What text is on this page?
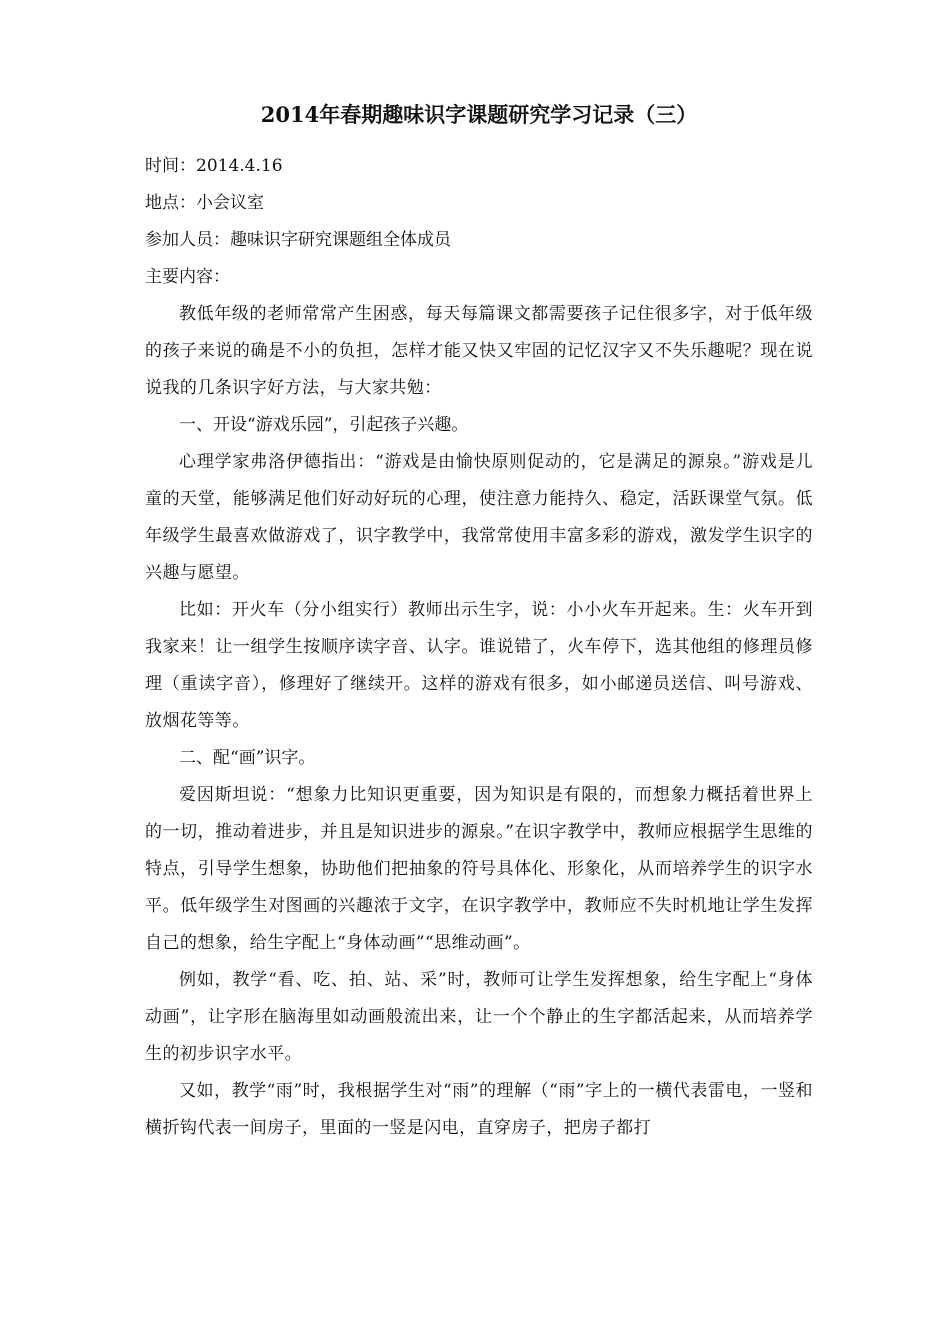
2014年春期趣味识字课题研究学习记录（三）
时间：2014.4.16
地点：小会议室
参加人员：趣味识字研究课题组全体成员
主要内容：

教低年级的老师常常产生困惑，每天每篇课文都需要孩子记住很多字，对于低年级的孩子来说的确是不小的负担，怎样才能又快又牢固的记忆汉字又不失乐趣呢？现在说说我的几条识字好方法，与大家共勉：

一、开设“游戏乐园”，引起孩子兴趣。

心理学家弗洛伊德指出：“游戏是由愉快原则促动的，它是满足的源泉。”游戏是儿童的天堂，能够满足他们好动好玩的心理，使注意力能持久、稳定，活跃课堂气氛。低年级学生最喜欢做游戏了，识字教学中，我常常使用丰富多彩的游戏，激发学生识字的兴趣与愿望。

比如：开火车（分小组实行）教师出示生字，说：小小火车开起来。生：火车开到我家来！让一组学生按顺序读字音、认字。谁说错了，火车停下，选其他组的修理员修理（重读字音），修理好了继续开。这样的游戏有很多，如小邮递员送信、叫号游戏、放烟花等等。

二、配“画”识字。

爱因斯坦说：“想象力比知识更重要，因为知识是有限的，而想象力概括着世界上的一切，推动着进步，并且是知识进步的源泉。”在识字教学中，教师应根据学生思维的特点，引导学生想象，协助他们把抽象的符号具体化、形象化，从而培养学生的识字水平。低年级学生对图画的兴趣浓于文字，在识字教学中，教师应不失时机地让学生发挥自己的想象，给生字配上“身体动画”“思维动画”。

例如，教学“看、吃、拍、站、采”时，教师可让学生发挥想象，给生字配上“身体动画”，让字形在脑海里如动画般流出来，让一个个静止的生字都活起来，从而培养学生的初步识字水平。

又如，教学“雨”时，我根据学生对“雨”的理解（“雨”字上的一横代表雷电，一竖和横折钩代表一间房子，里面的一竖是闪电，直穿房子，把房子都打
